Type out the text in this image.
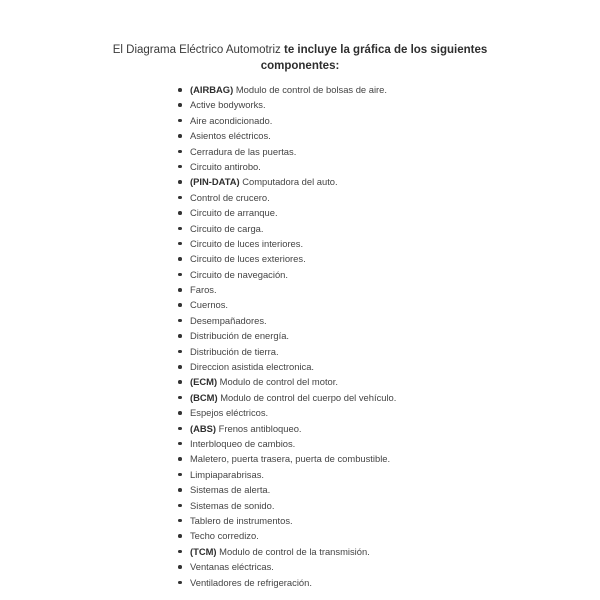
El Diagrama Eléctrico Automotriz te incluye la gráfica de los siguientes componentes:

(AIRBAG) Modulo de control de bolsas de aire.
Active bodyworks.
Aire acondicionado.
Asientos eléctricos.
Cerradura de las puertas.
Circuito antirobo.
(PIN-DATA) Computadora del auto.
Control de crucero.
Circuito de arranque.
Circuito de carga.
Circuito de luces interiores.
Circuito de luces exteriores.
Circuito de navegación.
Faros.
Cuernos.
Desempañadores.
Distribución de energía.
Distribución de tierra.
Direccion asistida electronica.
(ECM) Modulo de control del motor.
(BCM) Modulo de control del cuerpo del vehículo.
Espejos eléctricos.
(ABS) Frenos antibloqueo.
Interbloqueo de cambios.
Maletero, puerta trasera, puerta de combustible.
Limpiaparabrisas.
Sistemas de alerta.
Sistemas de sonido.
Tablero de instrumentos.
Techo corredizo.
(TCM) Modulo de control de la transmisión.
Ventanas eléctricas.
Ventiladores de refrigeración.
